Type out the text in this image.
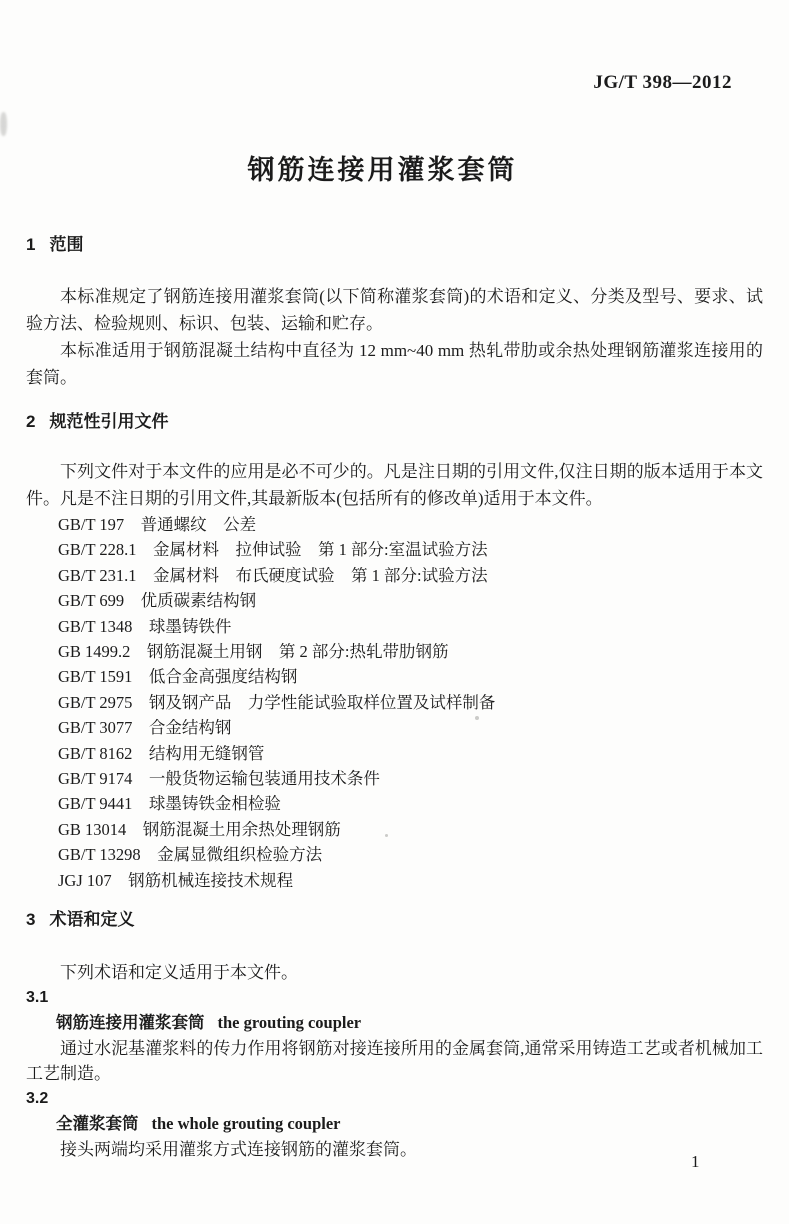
JG/T 398—2012
钢筋连接用灌浆套筒
1 范围

本标准规定了钢筋连接用灌浆套筒(以下简称灌浆套筒)的术语和定义、分类及型号、要求、试验方法、检验规则、标识、包装、运输和贮存。

本标准适用于钢筋混凝土结构中直径为 12 mm~40 mm 热轧带肋或余热处理钢筋灌浆连接用的套筒。

2 规范性引用文件

下列文件对于本文件的应用是必不可少的。凡是注日期的引用文件,仅注日期的版本适用于本文件。凡是不注日期的引用文件,其最新版本(包括所有的修改单)适用于本文件。

GB/T 197　普通螺纹　公差
GB/T 228.1　金属材料　拉伸试验　第 1 部分:室温试验方法
GB/T 231.1　金属材料　布氏硬度试验　第 1 部分:试验方法
GB/T 699　优质碳素结构钢
GB/T 1348　球墨铸铁件
GB 1499.2　钢筋混凝土用钢　第 2 部分:热轧带肋钢筋
GB/T 1591　低合金高强度结构钢
GB/T 2975　钢及钢产品　力学性能试验取样位置及试样制备
GB/T 3077　合金结构钢
GB/T 8162　结构用无缝钢管
GB/T 9174　一般货物运输包装通用技术条件
GB/T 9441　球墨铸铁金相检验
GB 13014　钢筋混凝土用余热处理钢筋
GB/T 13298　金属显微组织检验方法
JGJ 107　钢筋机械连接技术规程
3 术语和定义

下列术语和定义适用于本文件。

3.1
钢筋连接用灌浆套筒 the grouting coupler

通过水泥基灌浆料的传力作用将钢筋对接连接所用的金属套筒,通常采用铸造工艺或者机械加工工艺制造。

3.2
全灌浆套筒 the whole grouting coupler

接头两端均采用灌浆方式连接钢筋的灌浆套筒。

1
